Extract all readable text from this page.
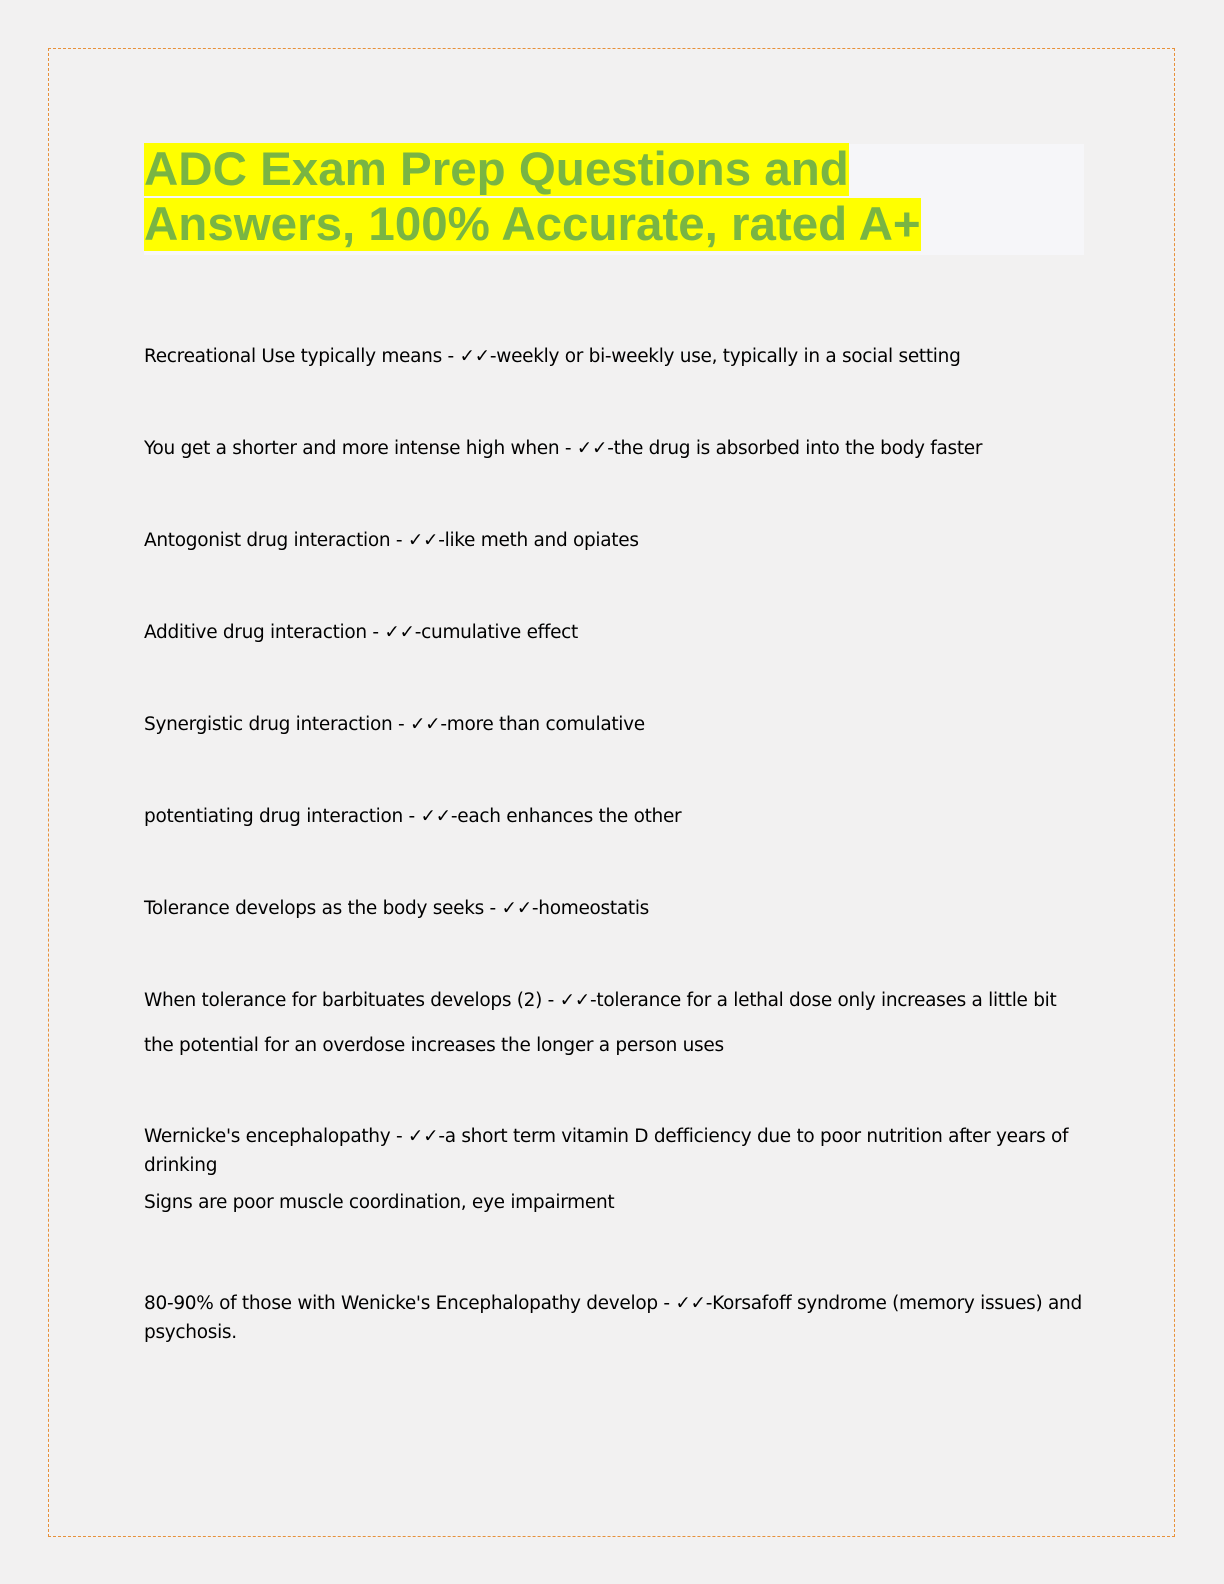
ADC Exam Prep Questions and
Answers, 100% Accurate, rated A+

Recreational Use typically means - ✓✓-weekly or bi-weekly use, typically in a social setting

You get a shorter and more intense high when - ✓✓-the drug is absorbed into the body faster

Antogonist drug interaction - ✓✓-like meth and opiates

Additive drug interaction - ✓✓-cumulative effect

Synergistic drug interaction - ✓✓-more than comulative

potentiating drug interaction - ✓✓-each enhances the other

Tolerance develops as the body seeks - ✓✓-homeostatis

When tolerance for barbituates develops (2) - ✓✓-tolerance for a lethal dose only increases a little bit
the potential for an overdose increases the longer a person uses

Wernicke's encephalopathy - ✓✓-a short term vitamin D defficiency due to poor nutrition after years of drinking
Signs are poor muscle coordination, eye impairment

80-90% of those with Wenicke's Encephalopathy develop - ✓✓-Korsafoff syndrome (memory issues) and psychosis.
